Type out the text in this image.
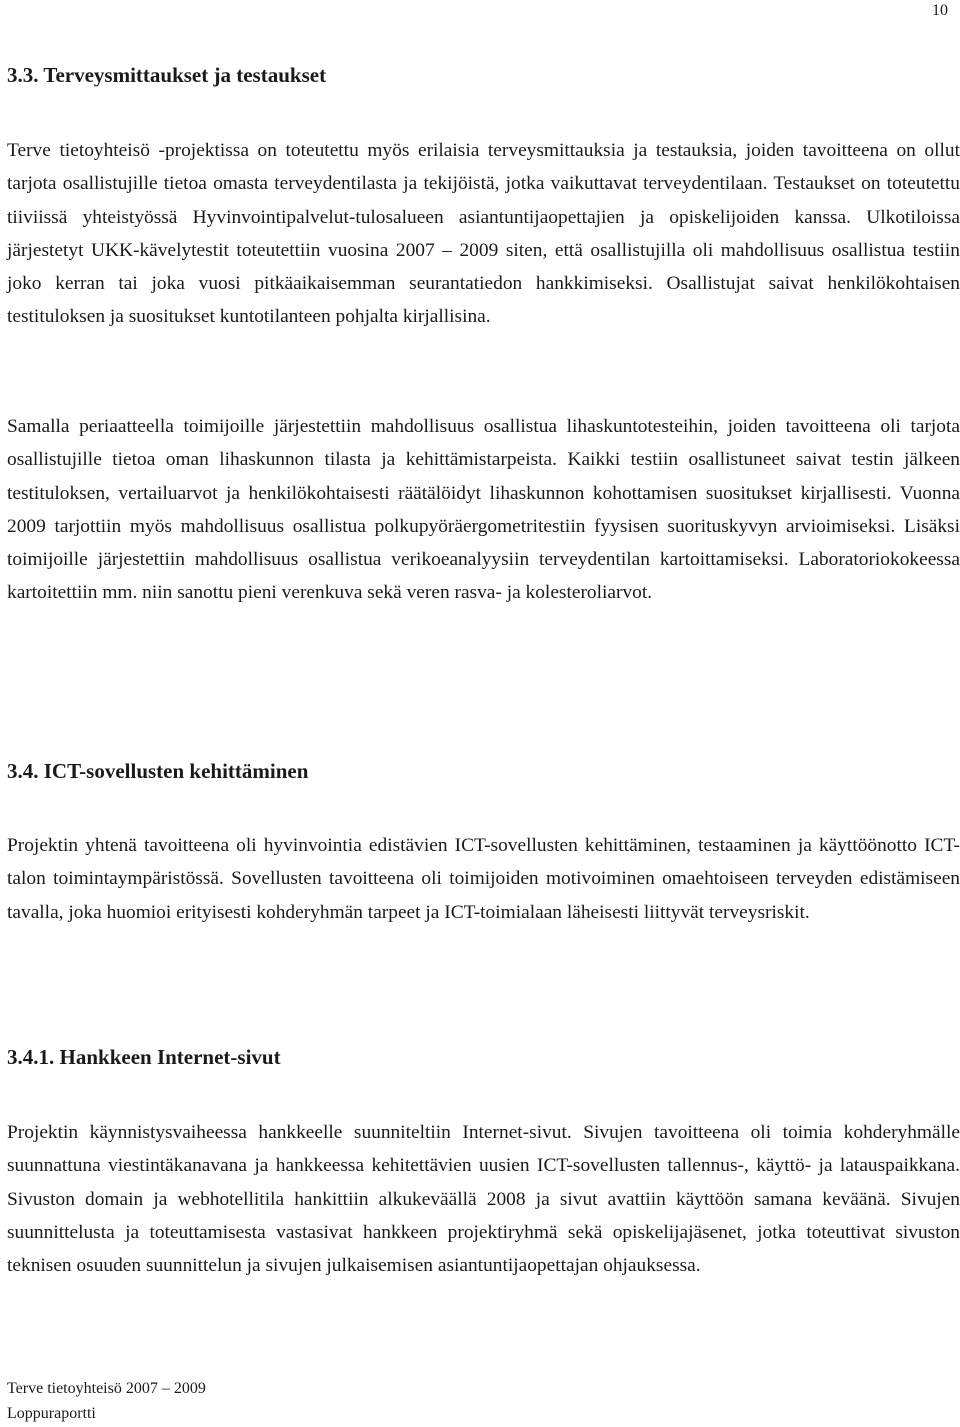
10
3.3. Terveysmittaukset ja testaukset

Terve tietoyhteisö -projektissa on toteutettu myös erilaisia terveysmittauksia ja testauksia, joiden tavoitteena on ollut tarjota osallistujille tietoa omasta terveydentilasta ja tekijöistä, jotka vaikuttavat terveydentilaan. Testaukset on toteutettu tiiviissä yhteistyössä Hyvinvointipalvelut-tulosalueen asiantuntijaopettajien ja opiskelijoiden kanssa. Ulkotiloissa järjestetyt UKK-kävelytestit toteutettiin vuosina 2007 – 2009 siten, että osallistujilla oli mahdollisuus osallistua testiin joko kerran tai joka vuosi pitkäaikaisemman seurantatiedon hankkimiseksi. Osallistujat saivat henkilökohtaisen testituloksen ja suositukset kuntotilanteen pohjalta kirjallisina.

Samalla periaatteella toimijoille järjestettiin mahdollisuus osallistua lihaskuntotesteihin, joiden tavoitteena oli tarjota osallistujille tietoa oman lihaskunnon tilasta ja kehittämistarpeista. Kaikki testiin osallistuneet saivat testin jälkeen testituloksen, vertailuarvot ja henkilökohtaisesti räätälöidyt lihaskunnon kohottamisen suositukset kirjallisesti. Vuonna 2009 tarjottiin myös mahdollisuus osallistua polkupyöräergometritestiin fyysisen suorituskyvyn arvioimiseksi. Lisäksi toimijoille järjestettiin mahdollisuus osallistua verikoeanalyysiin terveydentilan kartoittamiseksi. Laboratoriokokeessa kartoitettiin mm. niin sanottu pieni verenkuva sekä veren rasva- ja kolesteroliarvot.

3.4. ICT-sovellusten kehittäminen

Projektin yhtenä tavoitteena oli hyvinvointia edistävien ICT-sovellusten kehittäminen, testaaminen ja käyttöönotto ICT-talon toimintaympäristössä. Sovellusten tavoitteena oli toimijoiden motivoiminen omaehtoiseen terveyden edistämiseen tavalla, joka huomioi erityisesti kohderyhmän tarpeet ja ICT-toimialaan läheisesti liittyvät terveysriskit.

3.4.1. Hankkeen Internet-sivut

Projektin käynnistysvaiheessa hankkeelle suunniteltiin Internet-sivut. Sivujen tavoitteena oli toimia kohderyhmälle suunnattuna viestintäkanavana ja hankkeessa kehitettävien uusien ICT-sovellusten tallennus-, käyttö- ja latauspaikkana. Sivuston domain ja webhotellitila hankittiin alkukeväällä 2008 ja sivut avattiin käyttöön samana keväänä. Sivujen suunnittelusta ja toteuttamisesta vastasivat hankkeen projektiryhmä sekä opiskelijajäsenet, jotka toteuttivat sivuston teknisen osuuden suunnittelun ja sivujen julkaisemisen asiantuntijaopettajan ohjauksessa.

Terve tietoyhteisö 2007 – 2009
Loppuraportti
